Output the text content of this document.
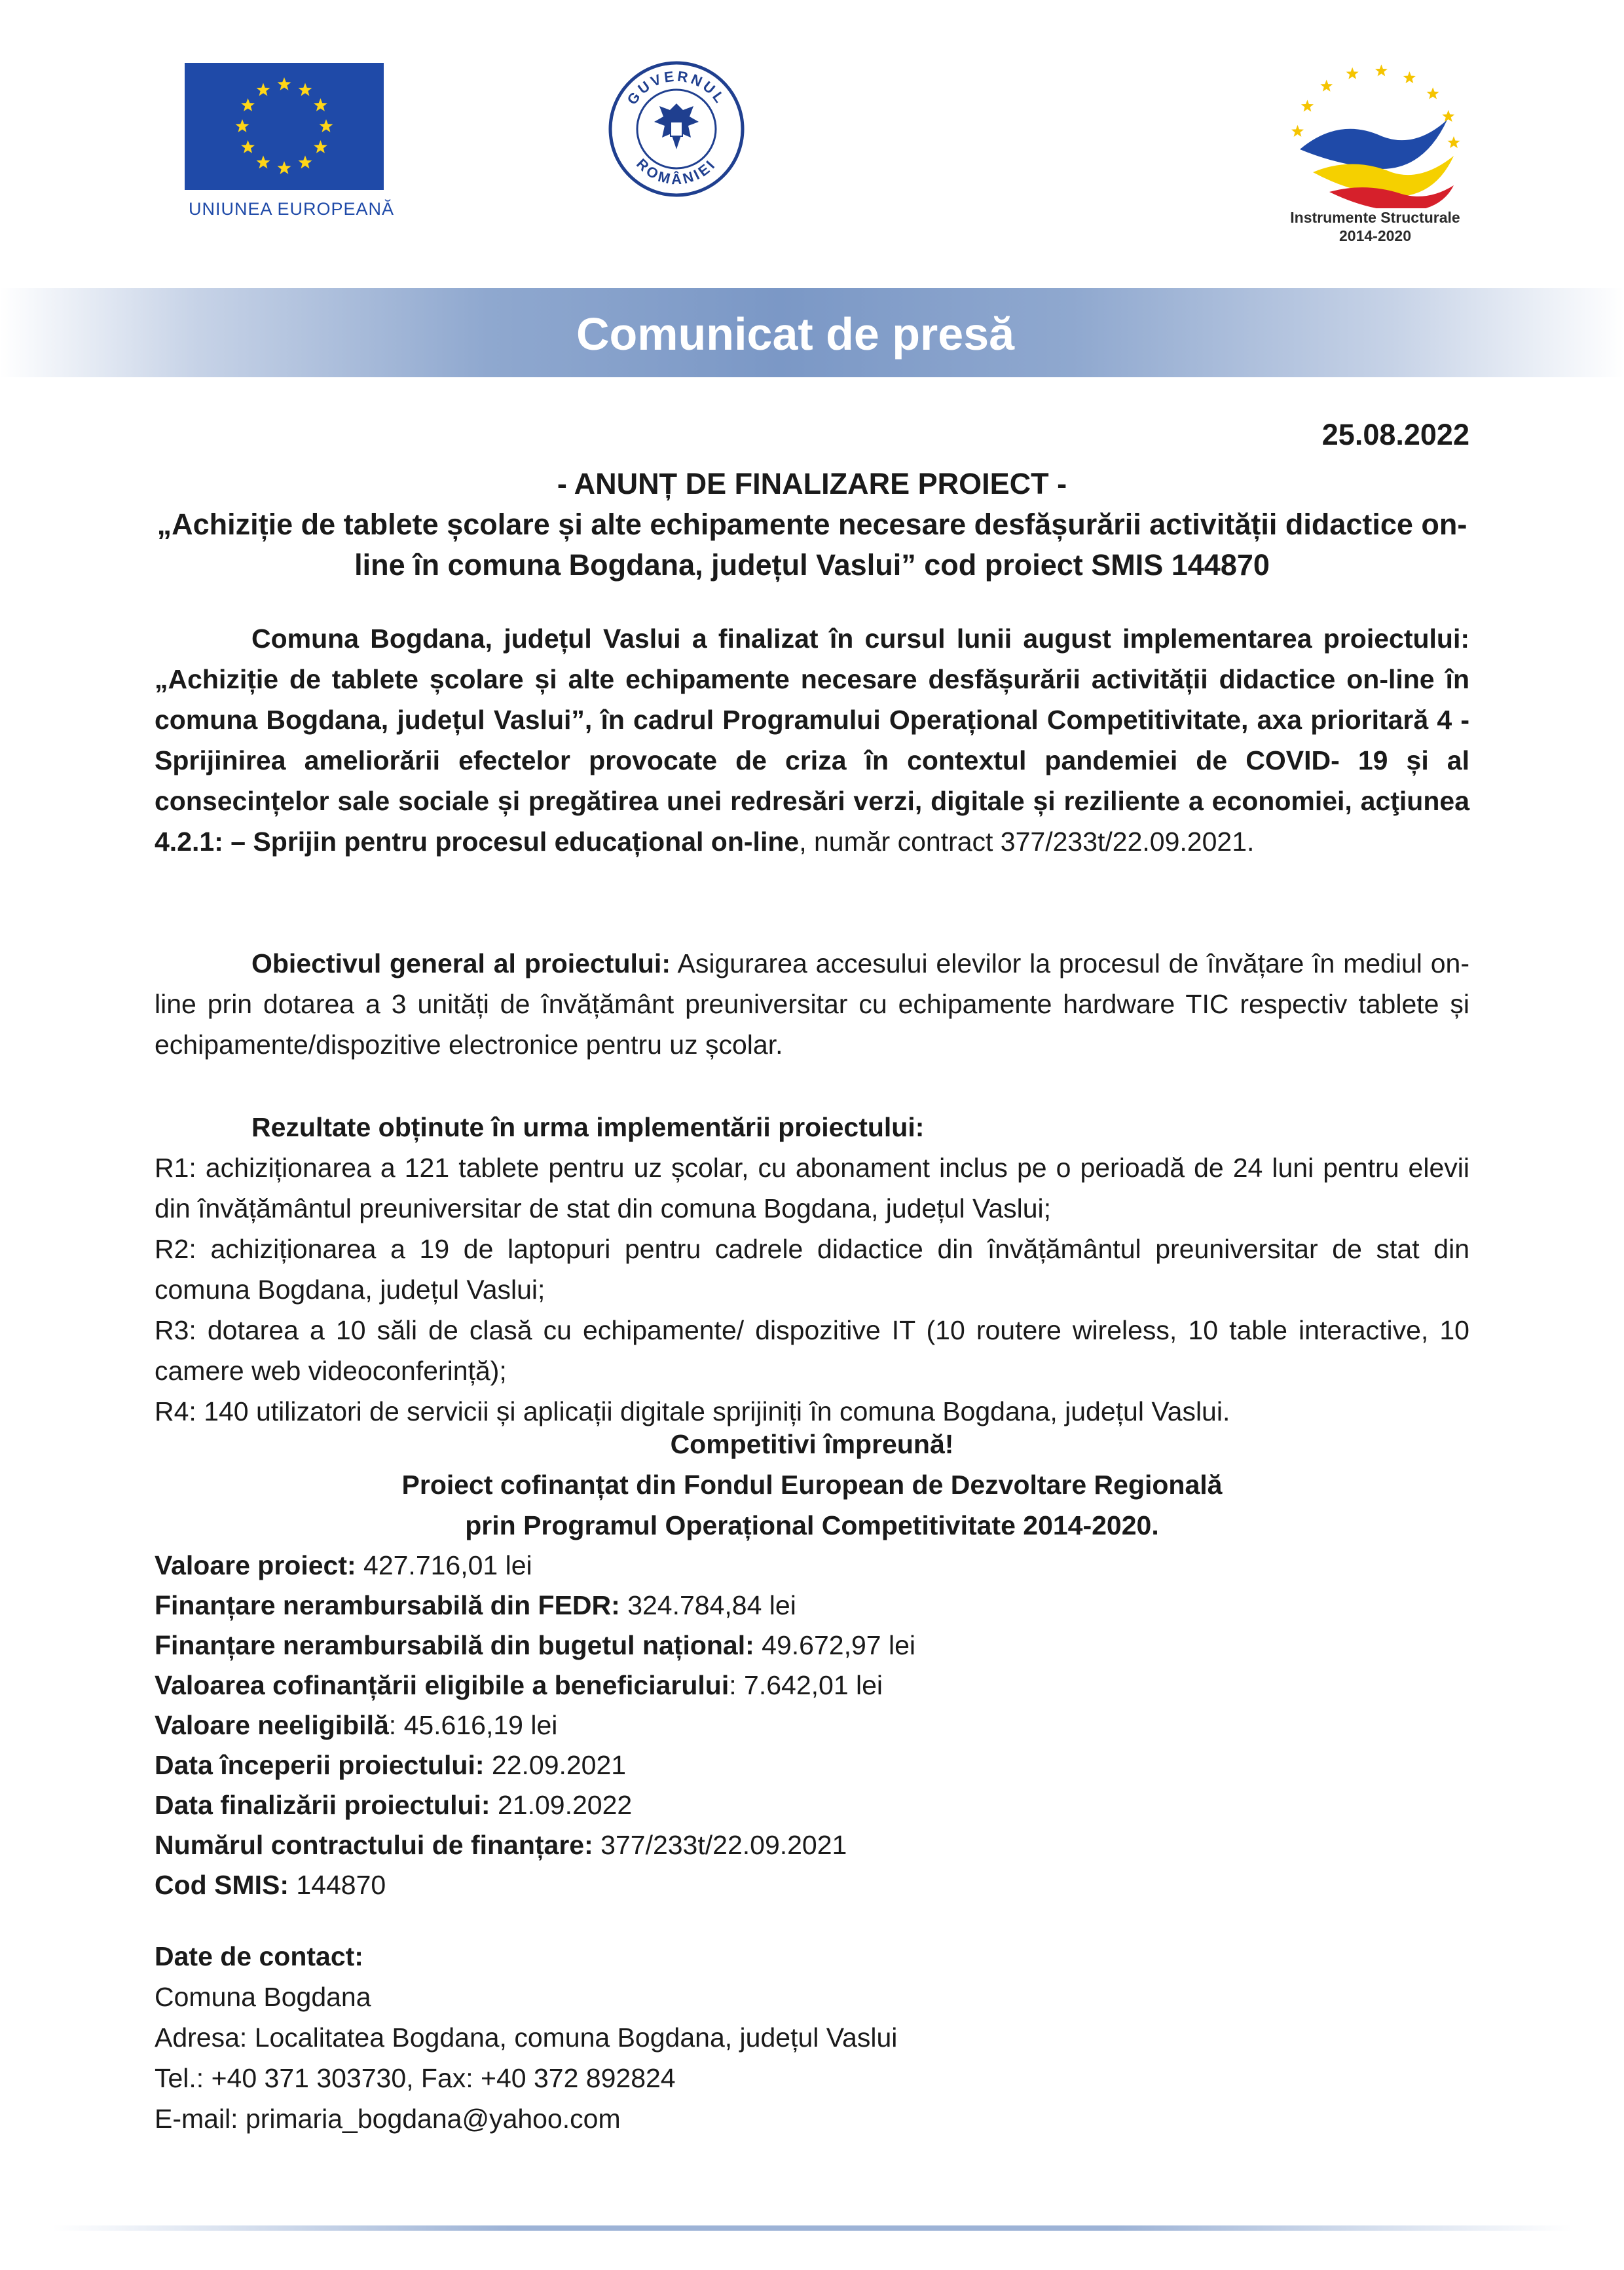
UNIUNEA EUROPEANĂ
GUVERNUL
ROMÂNIEI
Instrumente Structurale
2014-2020
Comunicat de presă
25.08.2022
- ANUNȚ DE FINALIZARE PROIECT -
„Achiziție de tablete școlare și alte echipamente necesare desfășurării activității didactice on-line în comuna Bogdana, județul Vaslui” cod proiect SMIS 144870

Comuna Bogdana, județul Vaslui a finalizat în cursul lunii august implementarea proiectului: „Achiziție de tablete școlare și alte echipamente necesare desfășurării activității didactice on-line în comuna Bogdana, județul Vaslui”, în cadrul Programului Operațional Competitivitate, axa prioritară 4 - Sprijinirea ameliorării efectelor provocate de criza în contextul pandemiei de COVID- 19 și al consecințelor sale sociale și pregătirea unei redresări verzi, digitale și reziliente a economiei, acţiunea 4.2.1: – Sprijin pentru procesul educațional on-line, număr contract 377/233t/22.09.2021.

Obiectivul general al proiectului: Asigurarea accesului elevilor la procesul de învățare în mediul on-line prin dotarea a 3 unități de învățământ preuniversitar cu echipamente hardware TIC respectiv tablete și echipamente/dispozitive electronice pentru uz școlar.

Rezultate obținute în urma implementării proiectului:
R1: achiziționarea a 121 tablete pentru uz școlar, cu abonament inclus pe o perioadă de 24 luni pentru elevii din învățământul preuniversitar de stat din comuna Bogdana, județul Vaslui;
R2: achiziționarea a 19 de laptopuri pentru cadrele didactice din învățământul preuniversitar de stat din comuna Bogdana, județul Vaslui;
R3: dotarea a 10 săli de clasă cu echipamente/ dispozitive IT (10 routere wireless, 10 table interactive, 10 camere web videoconferință);
R4: 140 utilizatori de servicii și aplicații digitale sprijiniți în comuna Bogdana, județul Vaslui.
Competitivi împreună!
Proiect cofinanțat din Fondul European de Dezvoltare Regională
prin Programul Operațional Competitivitate 2014-2020.
Valoare proiect: 427.716,01 lei
Finanțare nerambursabilă din FEDR: 324.784,84 lei
Finanțare nerambursabilă din bugetul național: 49.672,97 lei
Valoarea cofinanțării eligibile a beneficiarului: 7.642,01 lei
Valoare neeligibilă: 45.616,19 lei
Data începerii proiectului: 22.09.2021
Data finalizării proiectului: 21.09.2022
Numărul contractului de finanțare: 377/233t/22.09.2021
Cod SMIS: 144870
Date de contact:
Comuna Bogdana
Adresa: Localitatea Bogdana, comuna Bogdana, județul Vaslui
Tel.: +40 371 303730, Fax: +40 372 892824
E-mail: primaria_bogdana@yahoo.com
